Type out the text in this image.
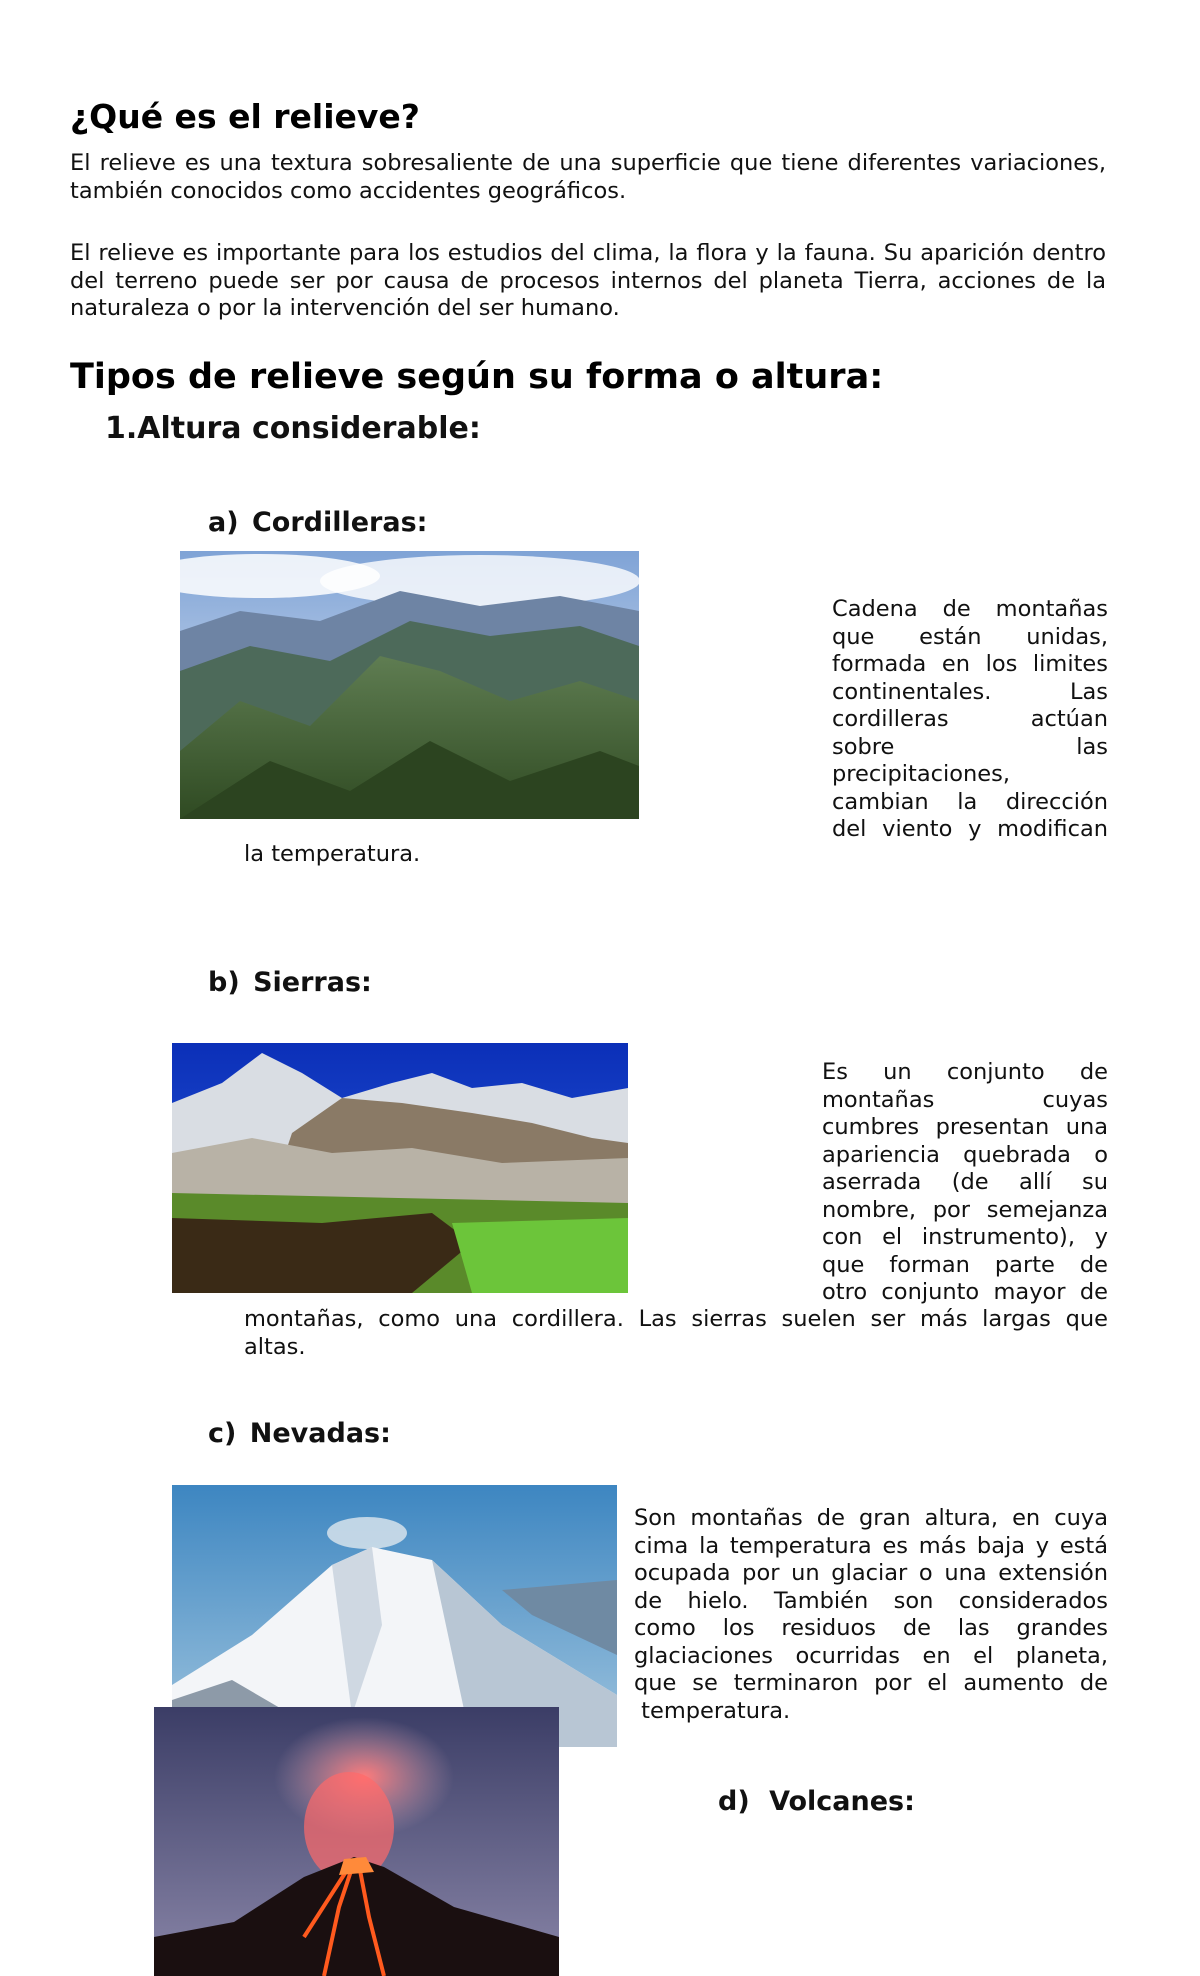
¿Qué es el relieve?

El relieve es una textura sobresaliente de una superficie que tiene diferentes variaciones, también conocidos como accidentes geográficos.

El relieve es importante para los estudios del clima, la flora y la fauna. Su aparición dentro del terreno puede ser por causa de procesos internos del planeta Tierra, acciones de la naturaleza o por la intervención del ser humano.

Tipos de relieve según su forma o altura:
1.Altura considerable:
a) Cordilleras:

Cadena de montañas

que están unidas,

formada en los limites

continentales. Las

cordilleras actúan

sobre las

precipitaciones,

cambian la dirección

del viento y modifican

la temperatura.

b) Sierras:

Es un conjunto de

montañas cuyas

cumbres presentan una

apariencia quebrada o

aserrada (de allí su

nombre, por semejanza

con el instrumento), y

que forman parte de

otro conjunto mayor de

montañas, como una cordillera. Las sierras suelen ser más largas que

altas.

c) Nevadas:

Son montañas de gran altura, en cuya

cima la temperatura es más baja y está

ocupada por un glaciar o una extensión

de hielo. También son considerados

como los residuos de las grandes

glaciaciones ocurridas en el planeta,

que se terminaron por el aumento de

temperatura.

d) Volcanes:
